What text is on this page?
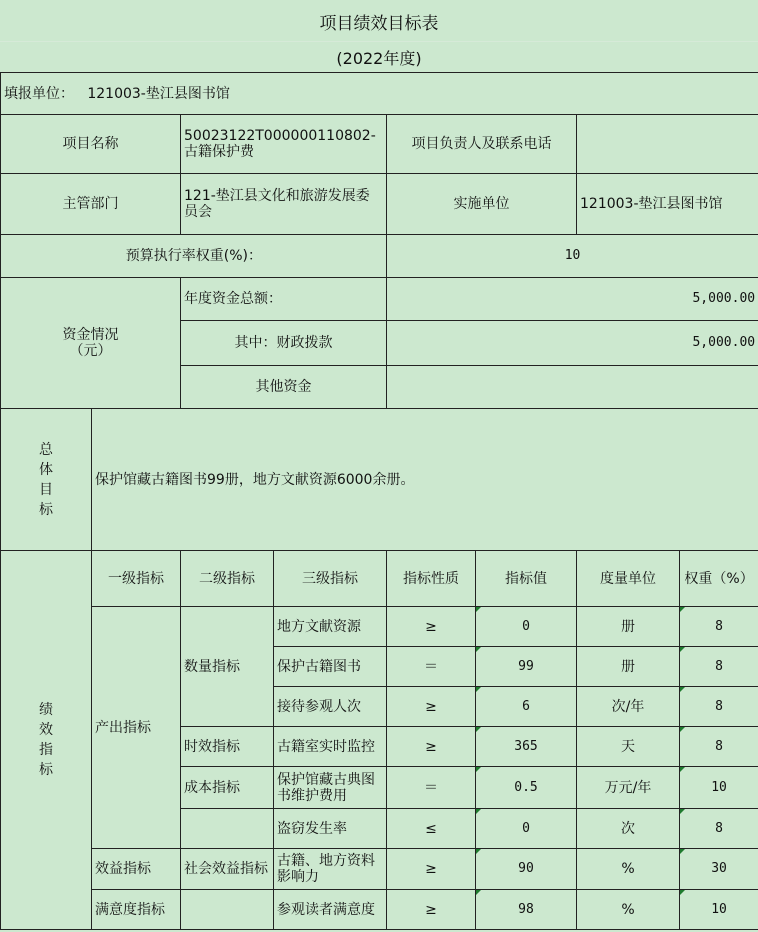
项目绩效目标表
(2022年度)
填报单位： 121003-垫江县图书馆							
项目名称		50023122T000000110802-古籍保护费		项目负责人及联系电话			
主管部门		121-垫江县文化和旅游发展委员会		实施单位		121003-垫江县图书馆	
预算执行率权重(%)：				10			

资金情况
（元）		年度资金总额：		5,000.00			
		其中：财政拨款		5,000.00			
		其他资金					

总
体
目
标	保护馆藏古籍图书99册，地方文献资源6000余册。						

绩
效
指
标	一级指标	二级指标	三级指标	指标性质	指标值	度量单位	权重（%）
	产出指标	数量指标	地方文献资源	≥	0	册	8
			保护古籍图书	＝	99	册	8
			接待参观人次	≥	6	次/年	8
		时效指标	古籍室实时监控	≥	365	天	8
		成本指标	保护馆藏古典图书维护费用	＝	0.5	万元/年	10
			盗窃发生率	≤	0	次	8
	效益指标	社会效益指标	古籍、地方资料影响力	≥	90	%	30
	满意度指标		参观读者满意度	≥	98	%	10
